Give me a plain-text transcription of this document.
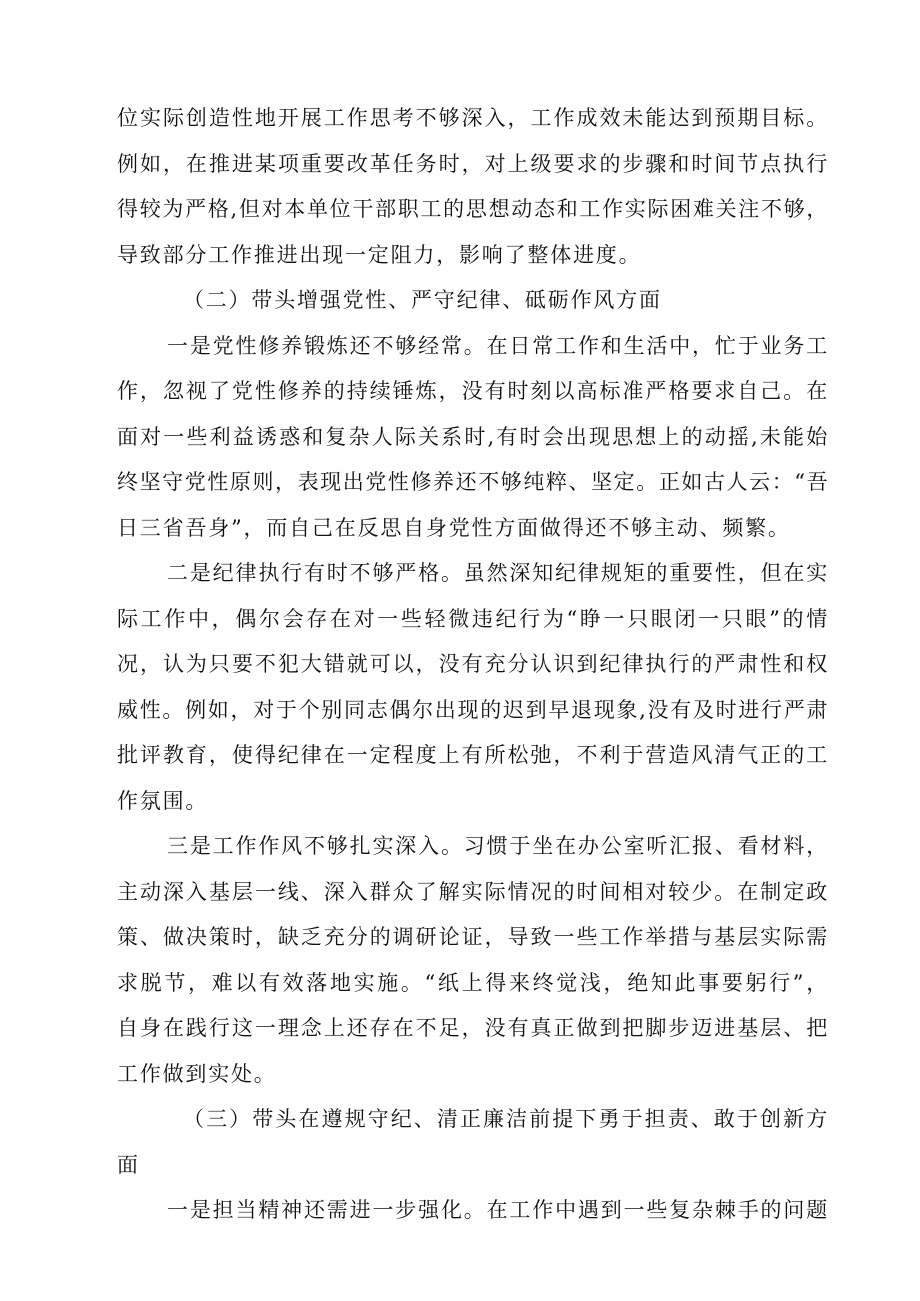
位实际创造性地开展工作思考不够深入，工作成效未能达到预期目标。
例如，在推进某项重要改革任务时，对上级要求的步骤和时间节点执行
得较为严格,但对本单位干部职工的思想动态和工作实际困难关注不够，
导致部分工作推进出现一定阻力，影响了整体进度。
（二）带头增强党性、严守纪律、砥砺作风方面
一是党性修养锻炼还不够经常。在日常工作和生活中，忙于业务工
作，忽视了党性修养的持续锤炼，没有时刻以高标准严格要求自己。在
面对一些利益诱惑和复杂人际关系时,有时会出现思想上的动摇,未能始
终坚守党性原则，表现出党性修养还不够纯粹、坚定。正如古人云：“吾
日三省吾身”，而自己在反思自身党性方面做得还不够主动、频繁。
二是纪律执行有时不够严格。虽然深知纪律规矩的重要性，但在实
际工作中，偶尔会存在对一些轻微违纪行为“睁一只眼闭一只眼”的情
况，认为只要不犯大错就可以，没有充分认识到纪律执行的严肃性和权
威性。例如，对于个别同志偶尔出现的迟到早退现象,没有及时进行严肃
批评教育，使得纪律在一定程度上有所松弛，不利于营造风清气正的工
作氛围。
三是工作作风不够扎实深入。习惯于坐在办公室听汇报、看材料，
主动深入基层一线、深入群众了解实际情况的时间相对较少。在制定政
策、做决策时，缺乏充分的调研论证，导致一些工作举措与基层实际需
求脱节，难以有效落地实施。“纸上得来终觉浅，绝知此事要躬行”，
自身在践行这一理念上还存在不足，没有真正做到把脚步迈进基层、把
工作做到实处。
（三）带头在遵规守纪、清正廉洁前提下勇于担责、敢于创新方
面
一是担当精神还需进一步强化。在工作中遇到一些复杂棘手的问题
